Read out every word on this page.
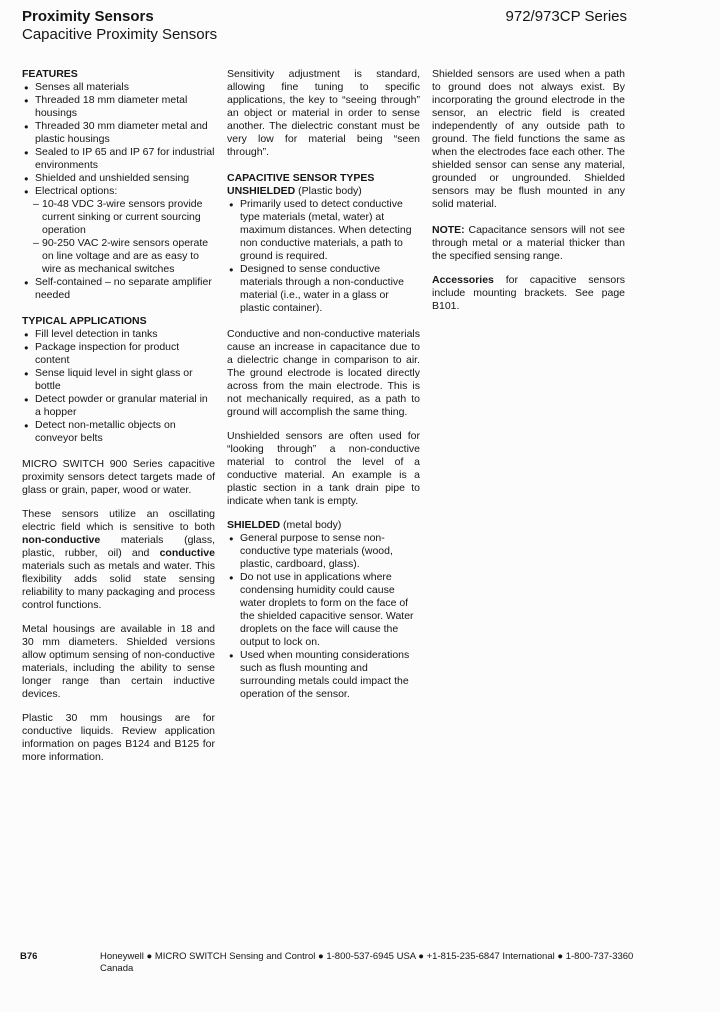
Proximity Sensors	972/973CP Series
Capacitive Proximity Sensors
FEATURES
● Senses all materials
● Threaded 18 mm diameter metal housings
● Threaded 30 mm diameter metal and plastic housings
● Sealed to IP 65 and IP 67 for industrial environments
● Shielded and unshielded sensing
● Electrical options:
– 10-48 VDC 3-wire sensors provide current sinking or current sourcing operation
– 90-250 VAC 2-wire sensors operate on line voltage and are as easy to wire as mechanical switches
● Self-contained – no separate amplifier needed
TYPICAL APPLICATIONS
● Fill level detection in tanks
● Package inspection for product content
● Sense liquid level in sight glass or bottle
● Detect powder or granular material in a hopper
● Detect non-metallic objects on conveyor belts

MICRO SWITCH 900 Series capacitive proximity sensors detect targets made of glass or grain, paper, wood or water.

These sensors utilize an oscillating electric field which is sensitive to both non-conductive materials (glass, plastic, rubber, oil) and conductive materials such as metals and water. This flexibility adds solid state sensing reliability to many packaging and process control functions.

Metal housings are available in 18 and 30 mm diameters. Shielded versions allow optimum sensing of non-conductive materials, including the ability to sense longer range than certain inductive devices.

Plastic 30 mm housings are for conductive liquids. Review application information on pages B124 and B125 for more information.

Sensitivity adjustment is standard, allowing fine tuning to specific applications, the key to “seeing through” an object or material in order to sense another. The dielectric constant must be very low for material being “seen through”.

CAPACITIVE SENSOR TYPES
UNSHIELDED (Plastic body)
● Primarily used to detect conductive type materials (metal, water) at maximum distances. When detecting non conductive materials, a path to ground is required.
● Designed to sense conductive materials through a non-conductive material (i.e., water in a glass or plastic container).

Conductive and non-conductive materials cause an increase in capacitance due to a dielectric change in comparison to air. The ground electrode is located directly across from the main electrode. This is not mechanically required, as a path to ground will accomplish the same thing.

Unshielded sensors are often used for “looking through” a non-conductive material to control the level of a conductive material. An example is a plastic section in a tank drain pipe to indicate when tank is empty.

SHIELDED (metal body)
● General purpose to sense non-conductive type materials (wood, plastic, cardboard, glass).
● Do not use in applications where condensing humidity could cause water droplets to form on the face of the shielded capacitive sensor. Water droplets on the face will cause the output to lock on.
● Used when mounting considerations such as flush mounting and surrounding metals could impact the operation of the sensor.

Shielded sensors are used when a path to ground does not always exist. By incorporating the ground electrode in the sensor, an electric field is created independently of any outside path to ground. The field functions the same as when the electrodes face each other. The shielded sensor can sense any material, grounded or ungrounded. Shielded sensors may be flush mounted in any solid material.

NOTE: Capacitance sensors will not see through metal or a material thicker than the specified sensing range.

Accessories for capacitive sensors include mounting brackets. See page B101.

B76	Honeywell ● MICRO SWITCH Sensing and Control ● 1-800-537-6945 USA ● +1-815-235-6847 International ● 1-800-737-3360 Canada
